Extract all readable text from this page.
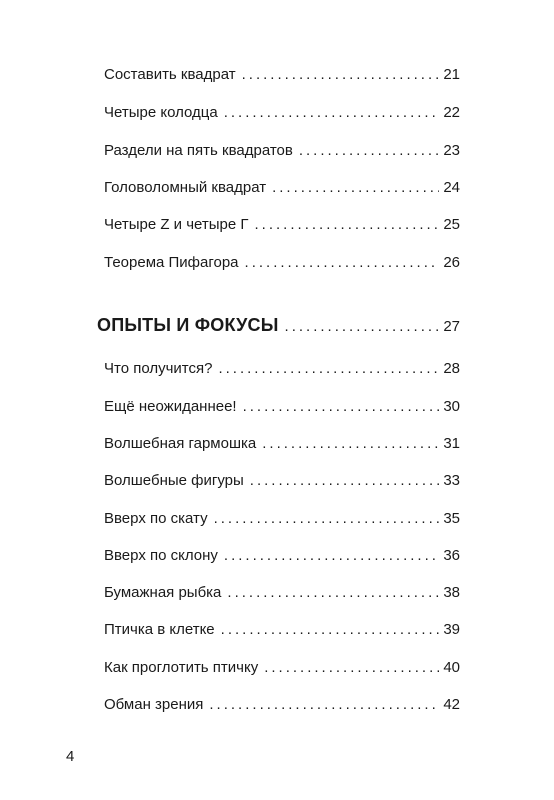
Составить квадрат .....	21
Четыре колодца .....	22
Раздели на пять квадратов .....	23
Головоломный квадрат .....	24
Четыре Z и четыре Г .....	25
Теорема Пифагора .....	26
ОПЫТЫ И ФОКУСЫ .....	27
Что получится? .....	28
Ещё неожиданнее! .....	30
Волшебная гармошка .....	31
Волшебные фигуры .....	33
Вверх по скату .....	35
Вверх по склону .....	36
Бумажная рыбка .....	38
Птичка в клетке .....	39
Как проглотить птичку .....	40
Обман зрения .....	42
4
